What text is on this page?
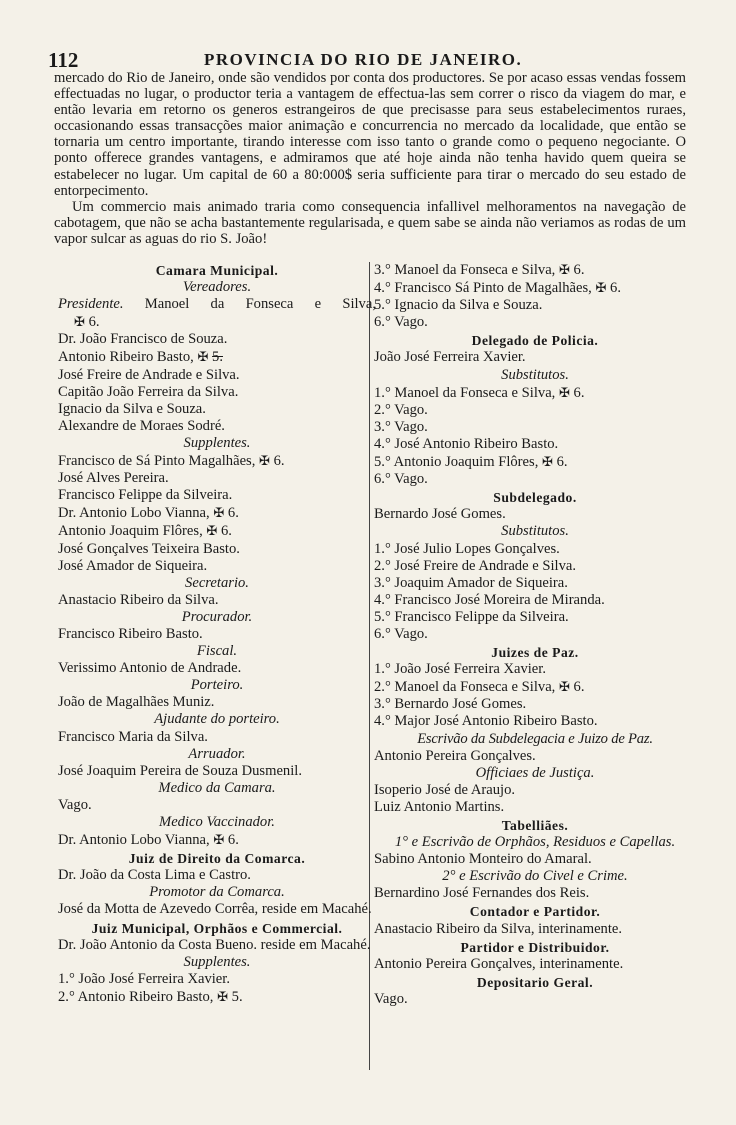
112	PROVINCIA DO RIO DE JANEIRO.

mercado do Rio de Janeiro, onde são vendidos por conta dos productores. Se por acaso essas vendas fossem effectuadas no lugar, o productor teria a vantagem de effectua-las sem correr o risco da viagem do mar, e então levaria em retorno os generos estrangeiros de que precisasse para seus estabelecimentos ruraes, occasionando essas transacções maior animação e concurrencia no mercado da localidade, que então se tornaria um centro importante, tirando interesse com isso tanto o grande como o pequeno negociante. O ponto offerece grandes vantagens, e admiramos que até hoje ainda não tenha havido quem queira se estabelecer no lugar. Um capital de 60 a 80:000$ seria sufficiente para tirar o mercado do seu estado de entorpecimento.

Um commercio mais animado traria como consequencia infallivel melhoramentos na navegação de cabotagem, que não se acha bastantemente regularisada, e quem sabe se ainda não veriamos as rodas de um vapor sulcar as aguas do rio S. João!

Camara Municipal.
Vereadores.
Presidente. Manoel da Fonseca e Silva,
✠ 6.
Dr. João Francisco de Souza.
Antonio Ribeiro Basto, ✠ 5.
José Freire de Andrade e Silva.
Capitão João Ferreira da Silva.
Ignacio da Silva e Souza.
Alexandre de Moraes Sodré.
Supplentes.
Francisco de Sá Pinto Magalhães, ✠ 6.
José Alves Pereira.
Francisco Felippe da Silveira.
Dr. Antonio Lobo Vianna, ✠ 6.
Antonio Joaquim Flôres, ✠ 6.
José Gonçalves Teixeira Basto.
José Amador de Siqueira.
Secretario.
Anastacio Ribeiro da Silva.
Procurador.
Francisco Ribeiro Basto.
Fiscal.
Verissimo Antonio de Andrade.
Porteiro.
João de Magalhães Muniz.
Ajudante do porteiro.
Francisco Maria da Silva.
Arruador.
José Joaquim Pereira de Souza Dusmenil.
Medico da Camara.
Vago.
Medico Vaccinador.
Dr. Antonio Lobo Vianna, ✠ 6.
Juiz de Direito da Comarca.
Dr. João da Costa Lima e Castro.
Promotor da Comarca.
José da Motta de Azevedo Corrêa, reside em Macahé.
Juiz Municipal, Orphãos e Commercial.
Dr. João Antonio da Costa Bueno. reside em Macahé.
Supplentes.
1.° João José Ferreira Xavier.
2.° Antonio Ribeiro Basto, ✠ 5.
3.° Manoel da Fonseca e Silva, ✠ 6.
4.° Francisco Sá Pinto de Magalhães, ✠ 6.
5.° Ignacio da Silva e Souza.
6.° Vago.
Delegado de Policia.
João José Ferreira Xavier.
Substitutos.
1.° Manoel da Fonseca e Silva, ✠ 6.
2.° Vago.
3.° Vago.
4.° José Antonio Ribeiro Basto.
5.° Antonio Joaquim Flôres, ✠ 6.
6.° Vago.
Subdelegado.
Bernardo José Gomes.
Substitutos.
1.° José Julio Lopes Gonçalves.
2.° José Freire de Andrade e Silva.
3.° Joaquim Amador de Siqueira.
4.° Francisco José Moreira de Miranda.
5.° Francisco Felippe da Silveira.
6.° Vago.
Juizes de Paz.
1.° João José Ferreira Xavier.
2.° Manoel da Fonseca e Silva, ✠ 6.
3.° Bernardo José Gomes.
4.° Major José Antonio Ribeiro Basto.
Escrivão da Subdelegacia e Juizo de Paz.
Antonio Pereira Gonçalves.
Officiaes de Justiça.
Isoperio José de Araujo.
Luiz Antonio Martins.
Tabelliães.
1° e Escrivão de Orphãos, Residuos e Capellas.
Sabino Antonio Monteiro do Amaral.
2° e Escrivão do Civel e Crime.
Bernardino José Fernandes dos Reis.
Contador e Partidor.
Anastacio Ribeiro da Silva, interinamente.
Partidor e Distribuidor.
Antonio Pereira Gonçalves, interinamente.
Depositario Geral.
Vago.
